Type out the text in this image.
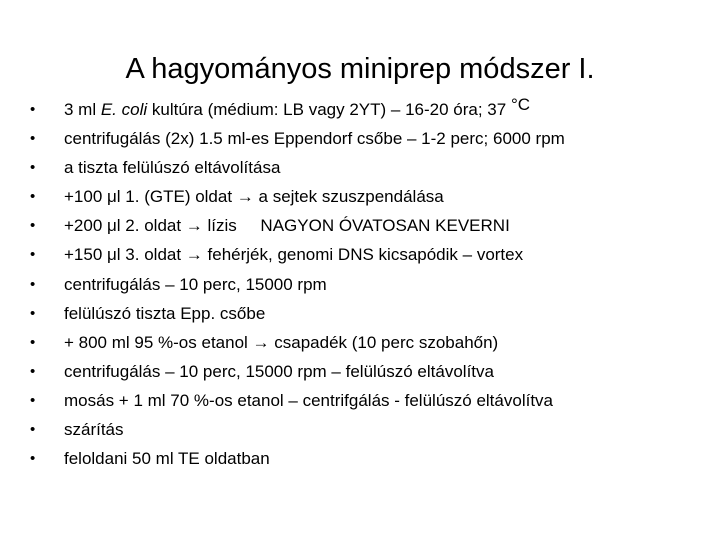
A hagyományos miniprep módszer I.
• 3 ml E. coli kultúra (médium: LB vagy 2YT) – 16-20 óra; 37 °C
• centrifugálás (2x) 1.5 ml-es Eppendorf csőbe – 1-2 perc; 6000 rpm
• a tiszta felülúszó eltávolítása
• +100 μl 1. (GTE) oldat → a sejtek szuszpendálása
• +200 μl 2. oldat → lízis     NAGYON ÓVATOSAN KEVERNI
• +150 μl 3. oldat → fehérjék, genomi DNS kicsapódik – vortex
• centrifugálás – 10 perc, 15000 rpm
• felülúszó tiszta Epp. csőbe
• + 800 ml 95 %-os etanol → csapadék (10 perc szobahőn)
• centrifugálás – 10 perc, 15000 rpm – felülúszó eltávolítva
• mosás + 1 ml 70 %-os etanol – centrifgálás - felülúszó eltávolítva
• szárítás
• feloldani 50 ml TE oldatban
